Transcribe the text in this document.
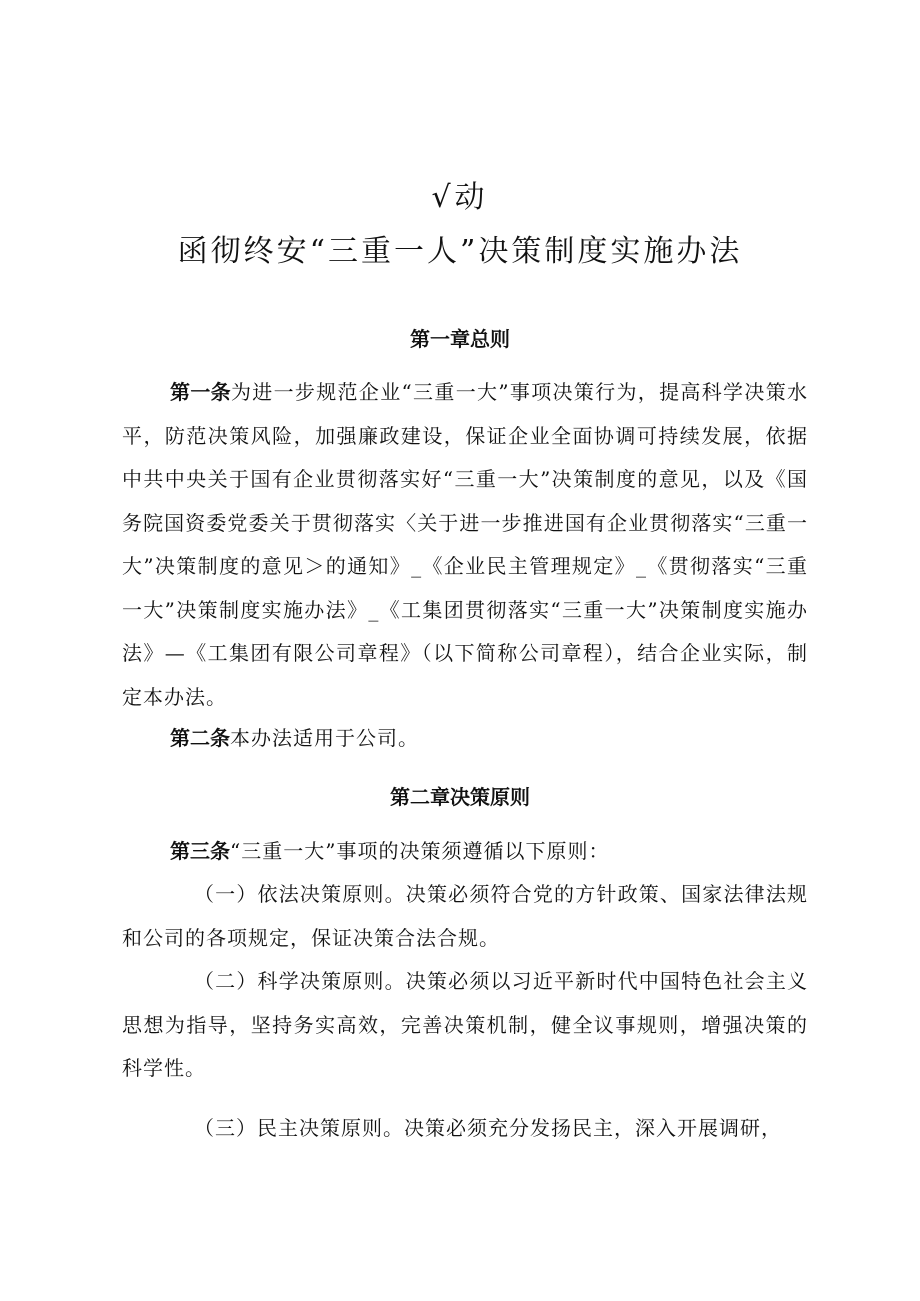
√动
函彻终安“三重一人”决策制度实施办法
第一章总则
第一条为进一步规范企业“三重一大”事项决策行为，提高科学决策水平，防范决策风险，加强廉政建设，保证企业全面协调可持续发展，依据中共中央关于国有企业贯彻落实好“三重一大”决策制度的意见，以及《国务院国资委党委关于贯彻落实〈关于进一步推进国有企业贯彻落实“三重一大”决策制度的意见＞的通知》_《企业民主管理规定》_《贯彻落实“三重一大”决策制度实施办法》_《工集团贯彻落实“三重一大”决策制度实施办法》—《工集团有限公司章程》（以下简称公司章程），结合企业实际，制定本办法。
第二条本办法适用于公司。
第二章决策原则
第三条“三重一大”事项的决策须遵循以下原则：
（一）依法决策原则。决策必须符合党的方针政策、国家法律法规和公司的各项规定，保证决策合法合规。
（二）科学决策原则。决策必须以习近平新时代中国特色社会主义思想为指导，坚持务实高效，完善决策机制，健全议事规则，增强决策的科学性。
（三）民主决策原则。决策必须充分发扬民主，深入开展调研，
